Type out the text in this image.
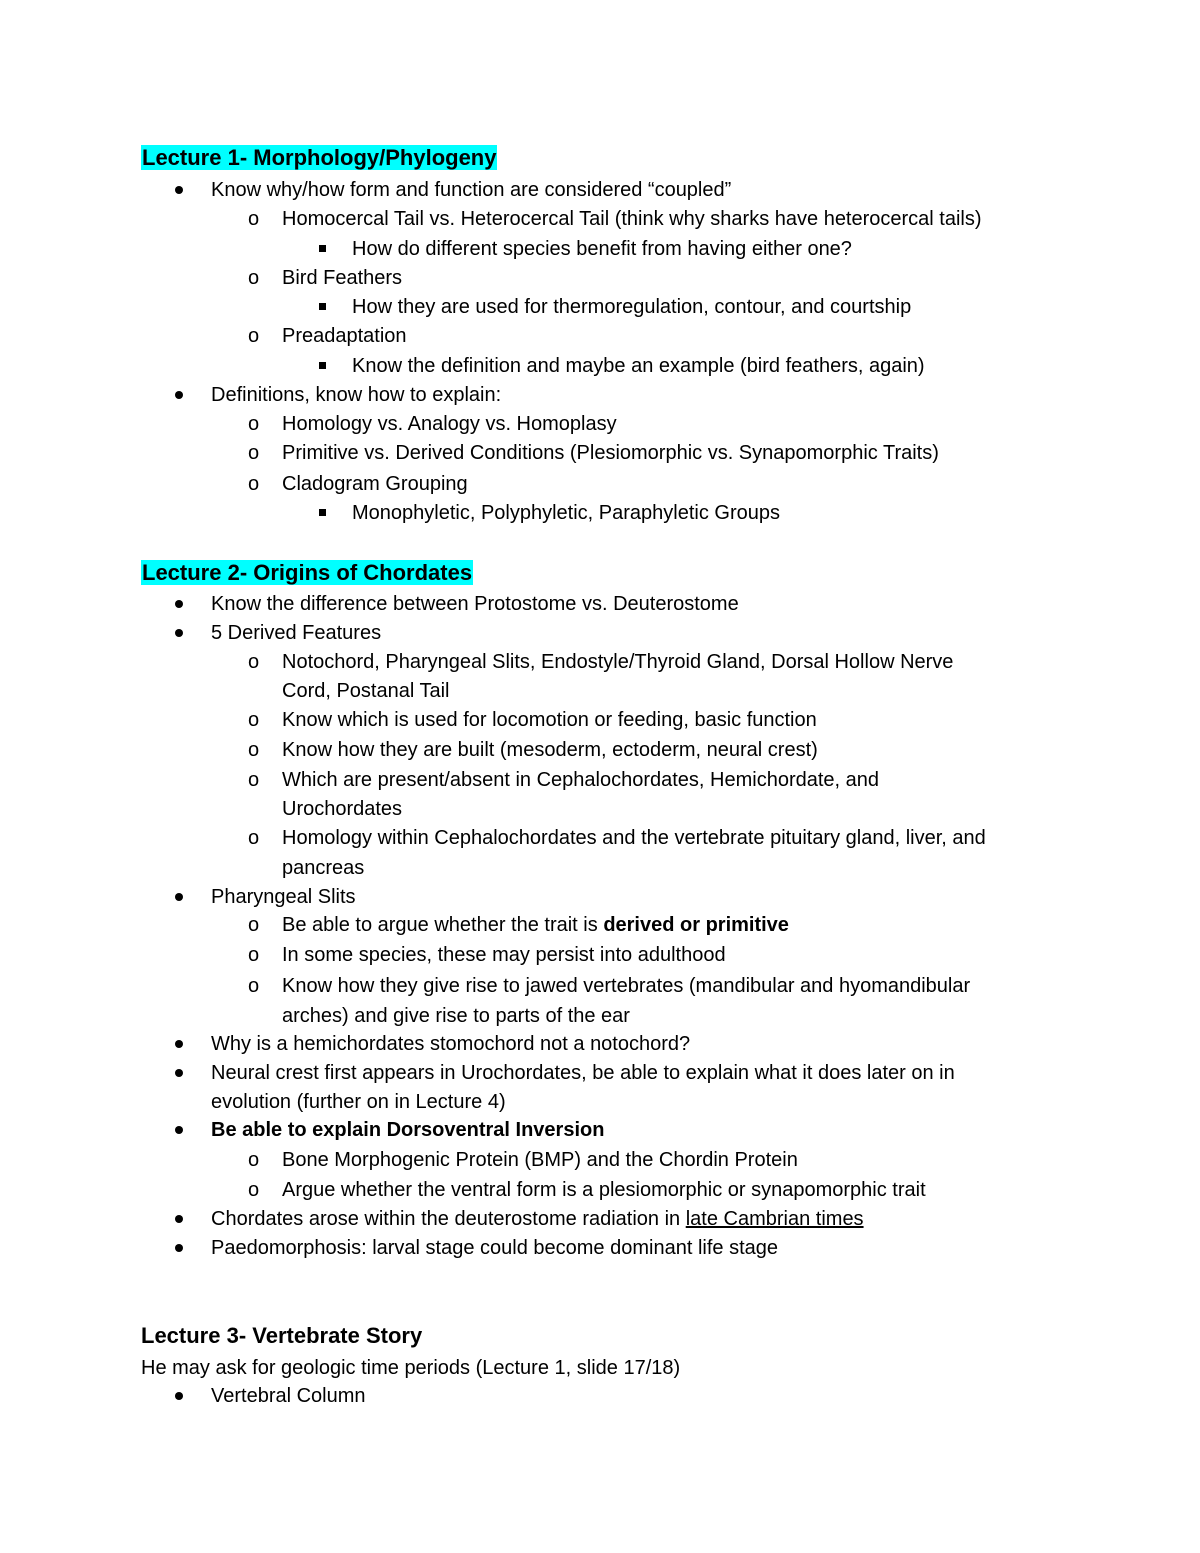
Lecture 1- Morphology/Phylogeny
Know why/how form and function are considered “coupled”
o Homocercal Tail vs. Heterocercal Tail (think why sharks have heterocercal tails)
How do different species benefit from having either one?
o Bird Feathers
How they are used for thermoregulation, contour, and courtship
o Preadaptation
Know the definition and maybe an example (bird feathers, again)
Definitions, know how to explain:
o Homology vs. Analogy vs. Homoplasy
o Primitive vs. Derived Conditions (Plesiomorphic vs. Synapomorphic Traits)
o Cladogram Grouping
Monophyletic, Polyphyletic, Paraphyletic Groups
Lecture 2- Origins of Chordates
Know the difference between Protostome vs. Deuterostome
5 Derived Features
o Notochord, Pharyngeal Slits, Endostyle/Thyroid Gland, Dorsal Hollow Nerve
Cord, Postanal Tail
o Know which is used for locomotion or feeding, basic function
o Know how they are built (mesoderm, ectoderm, neural crest)
o Which are present/absent in Cephalochordates, Hemichordate, and
Urochordates
o Homology within Cephalochordates and the vertebrate pituitary gland, liver, and
pancreas
Pharyngeal Slits
o Be able to argue whether the trait is derived or primitive
o In some species, these may persist into adulthood
o Know how they give rise to jawed vertebrates (mandibular and hyomandibular
arches) and give rise to parts of the ear
Why is a hemichordates stomochord not a notochord?
Neural crest first appears in Urochordates, be able to explain what it does later on in
evolution (further on in Lecture 4)
Be able to explain Dorsoventral Inversion
o Bone Morphogenic Protein (BMP) and the Chordin Protein
o Argue whether the ventral form is a plesiomorphic or synapomorphic trait
Chordates arose within the deuterostome radiation in late Cambrian times
Paedomorphosis: larval stage could become dominant life stage
Lecture 3- Vertebrate Story
He may ask for geologic time periods (Lecture 1, slide 17/18)
Vertebral Column
